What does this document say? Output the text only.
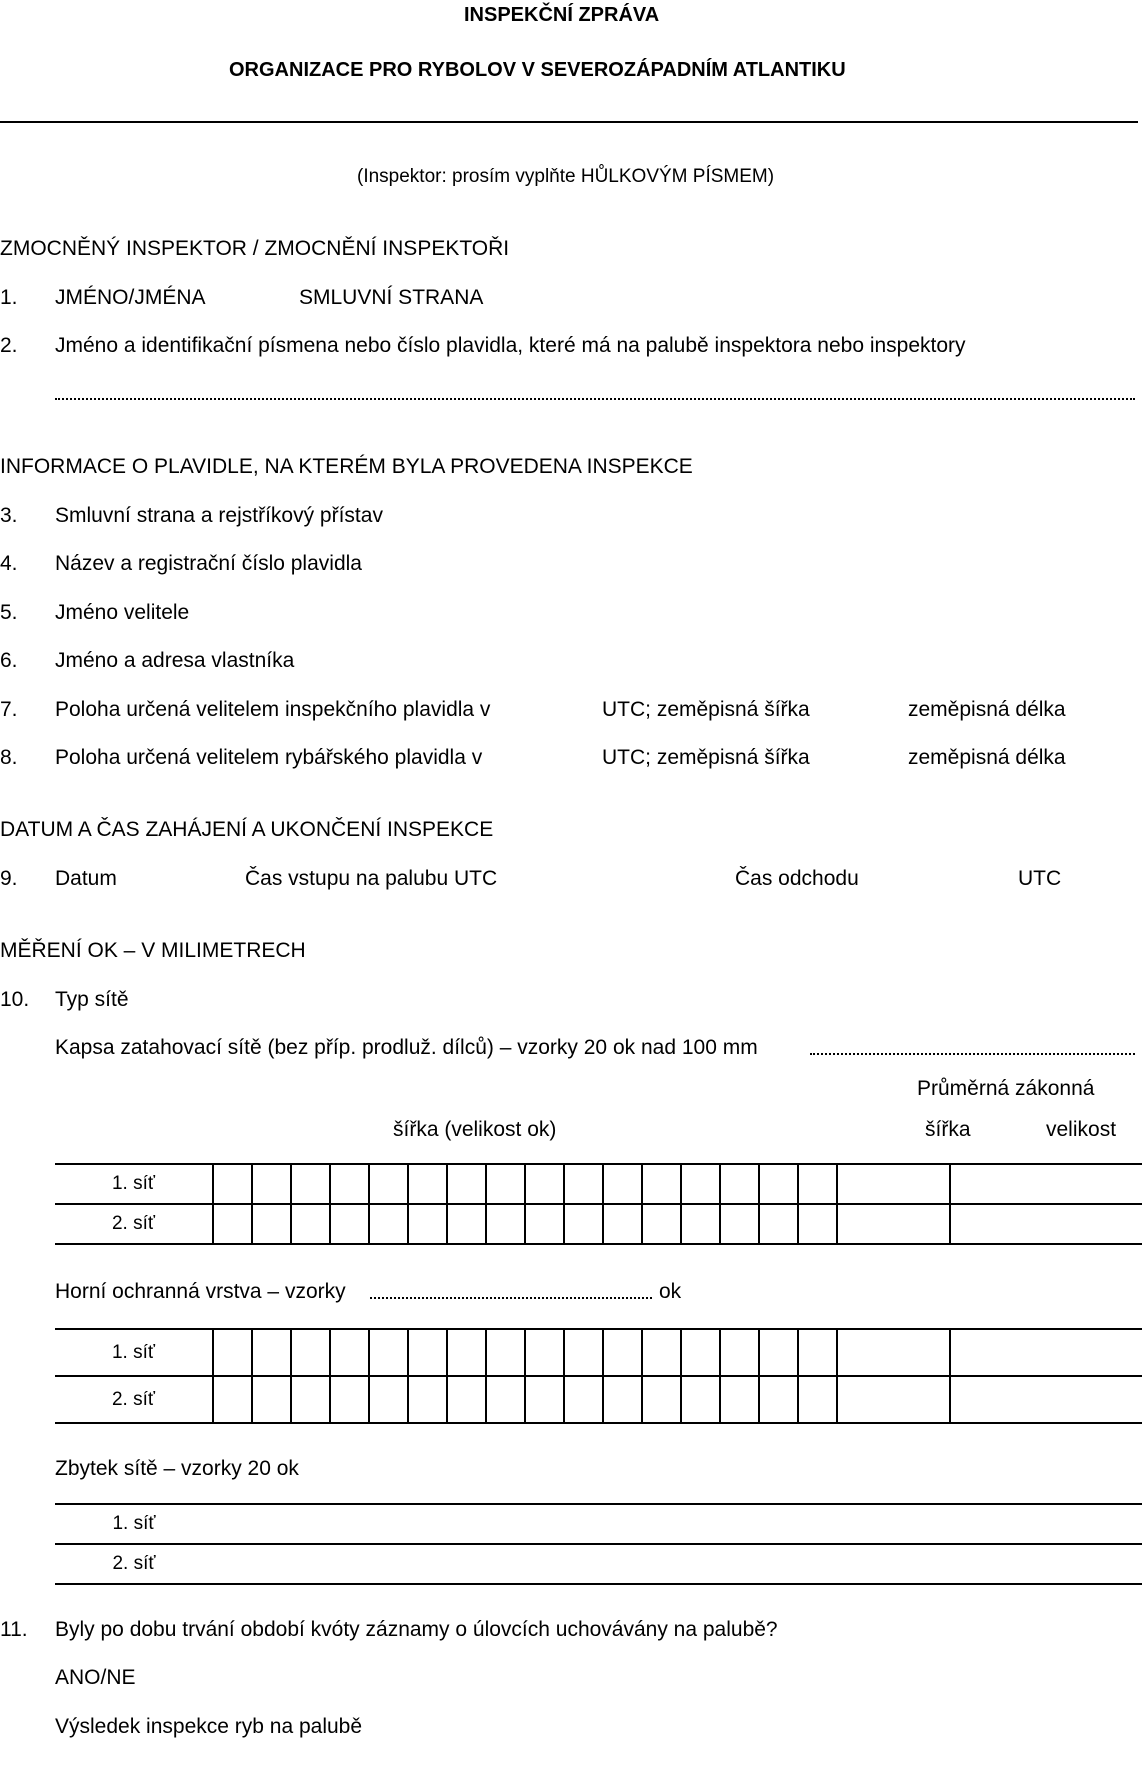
INSPEKČNÍ ZPRÁVA
ORGANIZACE PRO RYBOLOV V SEVEROZÁPADNÍM ATLANTIKU
(Inspektor: prosím vyplňte HŮLKOVÝM PÍSMEM)
ZMOCNĚNÝ INSPEKTOR / ZMOCNĚNÍ INSPEKTOŘI
1. JMÉNO/JMÉNA	SMLUVNÍ STRANA
2. Jméno a identifikační písmena nebo číslo plavidla, které má na palubě inspektora nebo inspektory
INFORMACE O PLAVIDLE, NA KTERÉM BYLA PROVEDENA INSPEKCE
3. Smluvní strana a rejstříkový přístav
4. Název a registrační číslo plavidla
5. Jméno velitele
6. Jméno a adresa vlastníka
7. Poloha určená velitelem inspekčního plavidla v	UTC; zeměpisná šířka	zeměpisná délka
8. Poloha určená velitelem rybářského plavidla v	UTC; zeměpisná šířka	zeměpisná délka
DATUM A ČAS ZAHÁJENÍ A UKONČENÍ INSPEKCE
9. Datum	Čas vstupu na palubu UTC	Čas odchodu	UTC
MĚŘENÍ OK – V MILIMETRECH
10. Typ sítě
Kapsa zatahovací sítě (bez příp. prodluž. dílců) – vzorky 20 ok nad 100 mm
Průměrná zákonná
šířka (velikost ok)	šířka	velikost
1. síť																		
2. síť																		
Horní ochranná vrstva – vzorky	ok
1. síť																		
2. síť																		
Zbytek sítě – vzorky 20 ok
1. síť	
2. síť	
11. Byly po dobu trvání období kvóty záznamy o úlovcích uchovávány na palubě?
ANO/NE
Výsledek inspekce ryb na palubě
